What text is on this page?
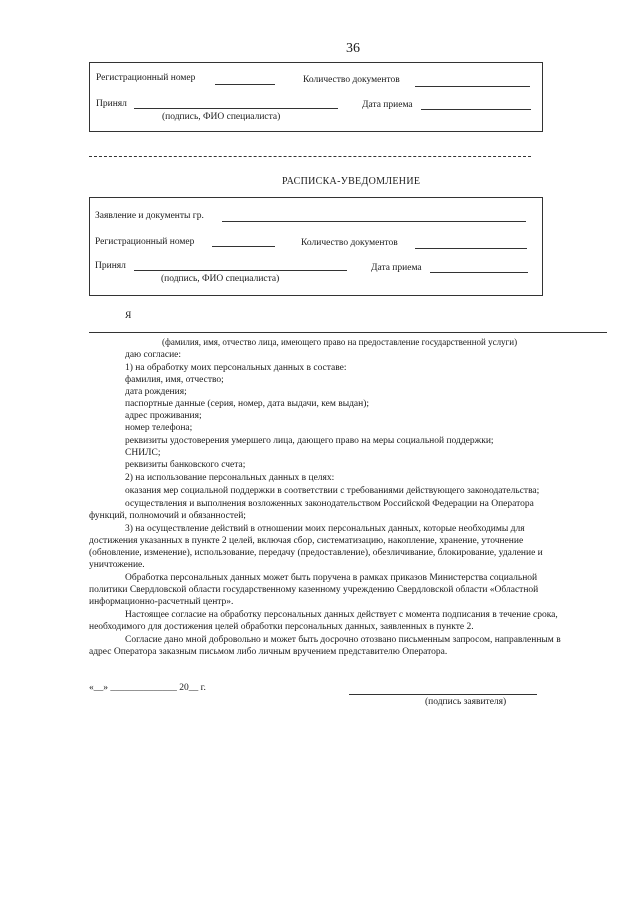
36
Регистрационный номер	Количество документов
Принял	Дата приема
(подпись, ФИО специалиста)
РАСПИСКА-УВЕДОМЛЕНИЕ
Заявление и документы гр.
Регистрационный номер	Количество документов
Принял	Дата приема
(подпись, ФИО специалиста)
Я
(фамилия, имя, отчество лица, имеющего право на предоставление государственной услуги)
даю согласие:
1) на обработку моих персональных данных в составе:
фамилия, имя, отчество;
дата рождения;
паспортные данные (серия, номер, дата выдачи, кем выдан);
адрес проживания;
номер телефона;
реквизиты удостоверения умершего лица, дающего право на меры социальной поддержки;
СНИЛС;
реквизиты банковского счета;
2) на использование персональных данных в целях:
оказания мер социальной поддержки в соответствии с требованиями действующего законодательства;
осуществления и выполнения возложенных законодательством Российской Федерации на Оператора
функций, полномочий и обязанностей;
3) на осуществление действий в отношении моих персональных данных, которые необходимы для
достижения указанных в пункте 2 целей, включая сбор, систематизацию, накопление, хранение, уточнение
(обновление, изменение), использование, передачу (предоставление), обезличивание, блокирование, удаление и
уничтожение.
Обработка персональных данных может быть поручена в рамках приказов Министерства социальной
политики Свердловской области государственному казенному учреждению Свердловской области «Областной
информационно-расчетный центр».
Настоящее согласие на обработку персональных данных действует с момента подписания в течение срока,
необходимого для достижения целей обработки персональных данных, заявленных в пункте 2.
Согласие дано мной добровольно и может быть досрочно отозвано письменным запросом, направленным в
адрес Оператора заказным письмом либо личным вручением представителю Оператора.
«__» ______________ 20__ г.
(подпись заявителя)
